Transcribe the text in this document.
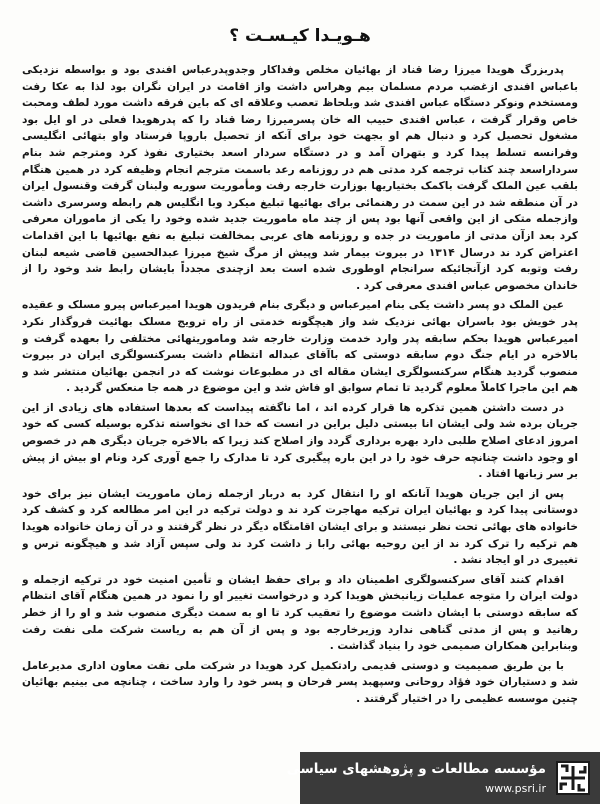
هـویـدا کیـسـت ؟

پدربزرگ هویدا میرزا رضا قناد از بهائیان مخلص وفداکار وجدوپدرعباس افندی بود و بواسطه نزدیکی باعباس افندی ازغضب مردم مسلمان بیم وهراس داشت واز اقامت در ایران نگران بود لذا به عکا رفت ومستخدم ونوکر دستگاه عباس افندی شد وبلحاظ تعصب وعلاقه ای که باین فرقه داشت مورد لطف ومحبت خاص وقرار گرفت ، عباس افندی حبیب اله خان پسرمیرزا رضا قناد را که پدرهویدا فعلی در او ایل بود مشغول تحصیل کرد و دنبال هم او بجهت خود برای آنکه از تحصیل باروپا فرستاد واو بتهائی انگلیسی وفرانسه تسلط پیدا کرد و بتهران آمد و در دستگاه سردار اسعد بختیاری نفوذ کرد ومترجم شد بنام سرداراسعد چند کتاب ترجمه کرد مدتی هم در روزنامه رعد باسمت مترجم انجام وظیفه کرد در همین هنگام بلقب عین الملک گرفت باکمک بختیاریها بوزارت خارجه رفت ومأموریت سوریه ولبنان گرفت وقنسول ایران در آن منطقه شد در این سمت در رهنمائی برای بهائیها تبلیغ میکرد وبا انگلیس هم رابطه وسرسری داشت وازجمله متکی از این واقعی آنها بود پس از چند ماه ماموریت جدید شده وخود را یکی از ماموران معرفی کرد بعد ازآن مدتی از ماموریت در جده و روزنامه های عربی بمخالفت تبلیغ به نفع بهائیها با این اقدامات اعتراض کرد ند درسال ۱۳۱۴ در بیروت بیمار شد وپیش از مرگ شیخ میرزا عبدالحسین قاضی شیعه لبنان رفت وتوبه کرد ازآنجائیکه سرانجام اوطوری شده است بعد ازچندی مجدداً بایشان رابط شد وخود را از خاندان مخصوص عباس افندی معرفی کرد .

عین الملک دو پسر داشت یکی بنام امیرعباس و دیگری بنام فریدون هویدا امیرعباس پیرو مسلک و عقیده پدر خویش بود باسران بهائی نزدیک شد واز هیچگونه خدمتی از راه ترویج مسلک بهائیت فروگذار نکرد امیرعباس هویدا بحکم سابقه پدر وارد خدمت وزارت خارجه شد وماموریتهائی مختلفی را بعهده گرفت و بالاخره در ایام جنگ دوم سابقه دوستی که باآقای عبداله انتظام داشت بسرکنسولگری ایران در بیروت منصوب گردید هنگام سرکنسولگری ایشان مقاله ای در مطبوعات نوشت که در انجمن بهائیان منتشر شد و هم این ماجرا کاملاً معلوم گردید تا تمام سوابق او فاش شد و این موضوع در همه جا منعکس گردید .

در دست داشتن همین تذکره ها قرار کرده اند ، اما ناگفته پیداست که بعدها استفاده های زیادی از این جریان برده شد ولی ایشان انا بیستی دلیل براین در انست که خدا ای نخواسته تذکره بوسیله کسی که خود امروز ادعای اصلاح طلبی دارد بهره برداری گردد واز اصلاح کند زیرا که بالاخره جریان دیگری هم در خصوص او وجود داشت چنانچه حرف خود را در این باره پیگیری کرد تا مدارک را جمع آوری کرد ونام او بیش از پیش بر سر زبانها افتاد .

پس از این جریان هویدا آنانکه او را انتقال کرد به دربار ازجمله زمان ماموریت ایشان نیز برای خود دوستانی پیدا کرد و بهائیان ایران ترکیه مهاجرت کرد ند و دولت ترکیه در این امر مطالعه کرد و کشف کرد خانواده های بهائی تحت نظر نیستند و برای ایشان اقامتگاه دیگر در نظر گرفتند و در آن زمان خانواده هویدا هم ترکیه را ترک کرد ند از این روحیه بهائی رابا ز داشت کرد ند ولی سپس آزاد شد و هیچگونه ترس و تغییری در او ایجاد نشد .

اقدام کنند آقای سرکنسولگری اطمینان داد و برای حفظ ایشان و تأمین امنیت خود در ترکیه ازجمله و دولت ایران را متوجه عملیات زیانبخش هویدا کرد و درخواست تغییر او را نمود در همین هنگام آقای انتظام که سابقه دوستی با ایشان داشت موضوع را تعقیب کرد تا او به سمت دیگری منصوب شد و او را از خطر رهانید و پس از مدتی گناهی ندارد وزیرخارجه بود و پس از آن هم به ریاست شرکت ملی نفت رفت وبنابراین همکاران صمیمی خود را بنیاد گذاشت .

با بن طریق صمیمیت و دوستی قدیمی رادتکمیل کرد هویدا در شرکت ملی نفت معاون اداری مدیرعامل شد و دستیاران خود فؤاد روحانی وسپهبد پسر فرحان و پسر خود را وارد ساخت ، چنانچه می بینیم بهائیان چنین موسسه عظیمی را در اختیار گرفتند .

مؤسسه مطالعات و پژوهشهای سیاسی
www.psri.ir
